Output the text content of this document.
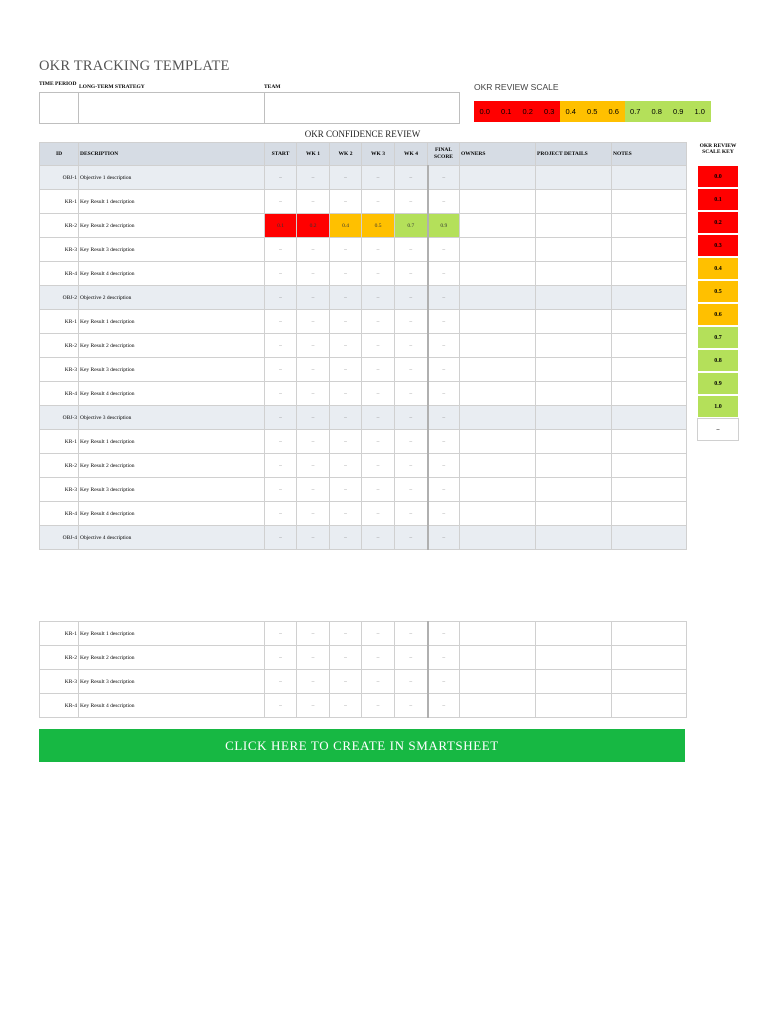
OKR TRACKING TEMPLATE
TIME PERIOD LONG-TERM STRATEGY	TEAM	OKR REVIEW SCALE
0.0	0.1	0.2	0.3	0.4	0.5	0.6	0.7	0.8	0.9	1.0
OKR CONFIDENCE REVIEW
ID	DESCRIPTION	START	WK 1	WK 2	WK 3	WK 4	FINAL SCORE	OWNERS	PROJECT DETAILS	NOTES
OBJ-1	Objective 1 description	–	–	–	–	–	–			
KR-1	Key Result 1 description	–	–	–	–	–	–			
KR-2	Key Result 2 description	0.1	0.2	0.4	0.5	0.7	0.9			
KR-3	Key Result 3 description	–	–	–	–	–	–			
KR-4	Key Result 4 description	–	–	–	–	–	–			
OBJ-2	Objective 2 description	–	–	–	–	–	–			
KR-1	Key Result 1 description	–	–	–	–	–	–			
KR-2	Key Result 2 description	–	–	–	–	–	–			
KR-3	Key Result 3 description	–	–	–	–	–	–			
KR-4	Key Result 4 description	–	–	–	–	–	–			
OBJ-3	Objective 3 description	–	–	–	–	–	–			
KR-1	Key Result 1 description	–	–	–	–	–	–			
KR-2	Key Result 2 description	–	–	–	–	–	–			
KR-3	Key Result 3 description	–	–	–	–	–	–			
KR-4	Key Result 4 description	–	–	–	–	–	–			
OBJ-4	Objective 4 description	–	–	–	–	–	–			
KR-1	Key Result 1 description	–	–	–	–	–	–			
KR-2	Key Result 2 description	–	–	–	–	–	–			
KR-3	Key Result 3 description	–	–	–	–	–	–			
KR-4	Key Result 4 description	–	–	–	–	–	–			
OKR REVIEW SCALE KEY
0.0
0.1
0.2
0.3
0.4
0.5
0.6
0.7
0.8
0.9
1.0
–
CLICK HERE TO CREATE IN SMARTSHEET
